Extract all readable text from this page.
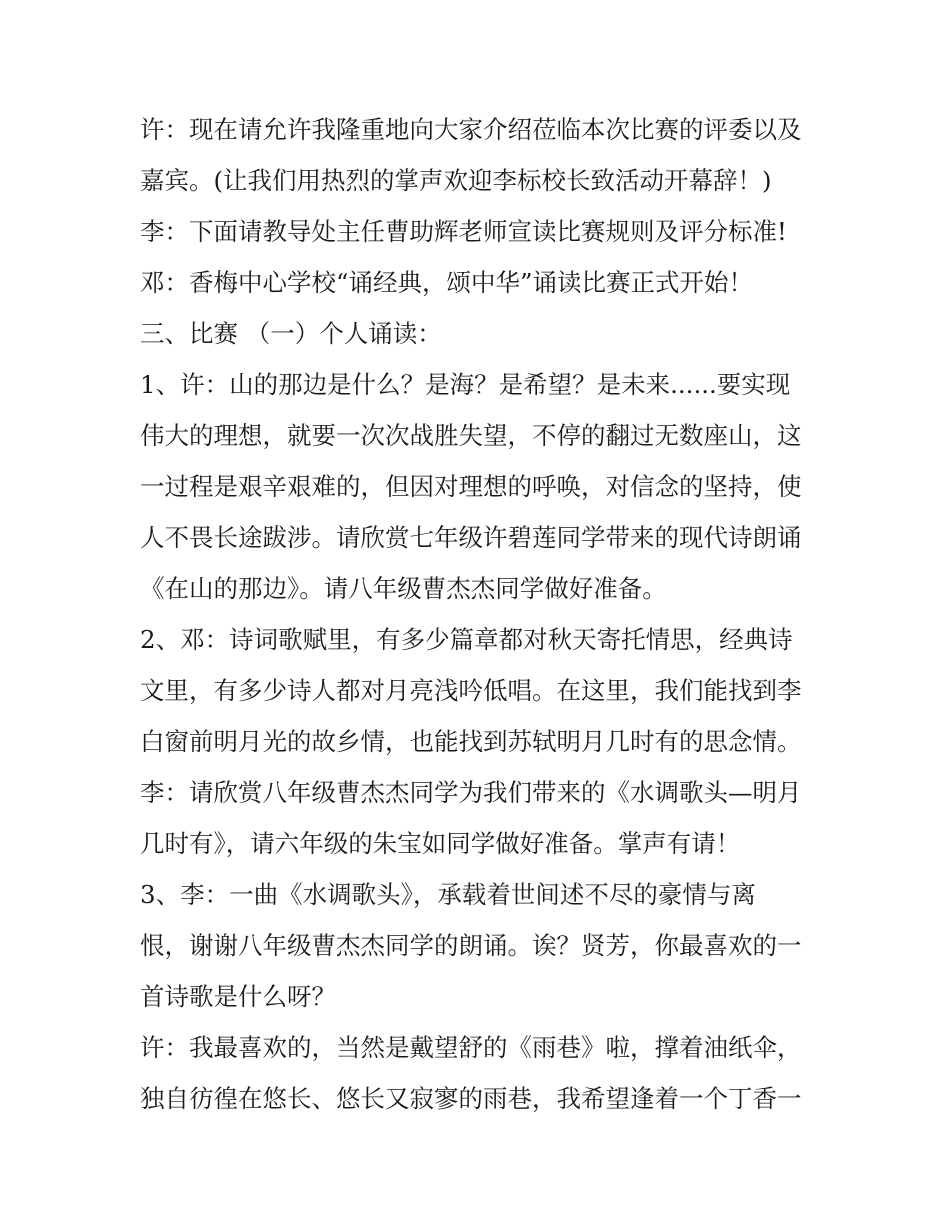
许：现在请允许我隆重地向大家介绍莅临本次比赛的评委以及
嘉宾。(让我们用热烈的掌声欢迎李标校长致活动开幕辞！)
李：下面请教导处主任曹助辉老师宣读比赛规则及评分标准!
邓：香梅中心学校“诵经典，颂中华”诵读比赛正式开始！
三、比赛 （一）个人诵读：
1、许：山的那边是什么？是海？是希望？是未来......要实现
伟大的理想，就要一次次战胜失望，不停的翻过无数座山，这
一过程是艰辛艰难的，但因对理想的呼唤，对信念的坚持，使
人不畏长途跋涉。请欣赏七年级许碧莲同学带来的现代诗朗诵
《在山的那边》。请八年级曹杰杰同学做好准备。
2、邓：诗词歌赋里，有多少篇章都对秋天寄托情思，经典诗
文里，有多少诗人都对月亮浅吟低唱。在这里，我们能找到李
白窗前明月光的故乡情，也能找到苏轼明月几时有的思念情。
李：请欣赏八年级曹杰杰同学为我们带来的《水调歌头—明月
几时有》，请六年级的朱宝如同学做好准备。掌声有请！
3、李：一曲《水调歌头》，承载着世间述不尽的豪情与离
恨，谢谢八年级曹杰杰同学的朗诵。诶？贤芳，你最喜欢的一
首诗歌是什么呀？
许：我最喜欢的，当然是戴望舒的《雨巷》啦，撑着油纸伞，
独自彷徨在悠长、悠长又寂寥的雨巷，我希望逢着一个丁香一
